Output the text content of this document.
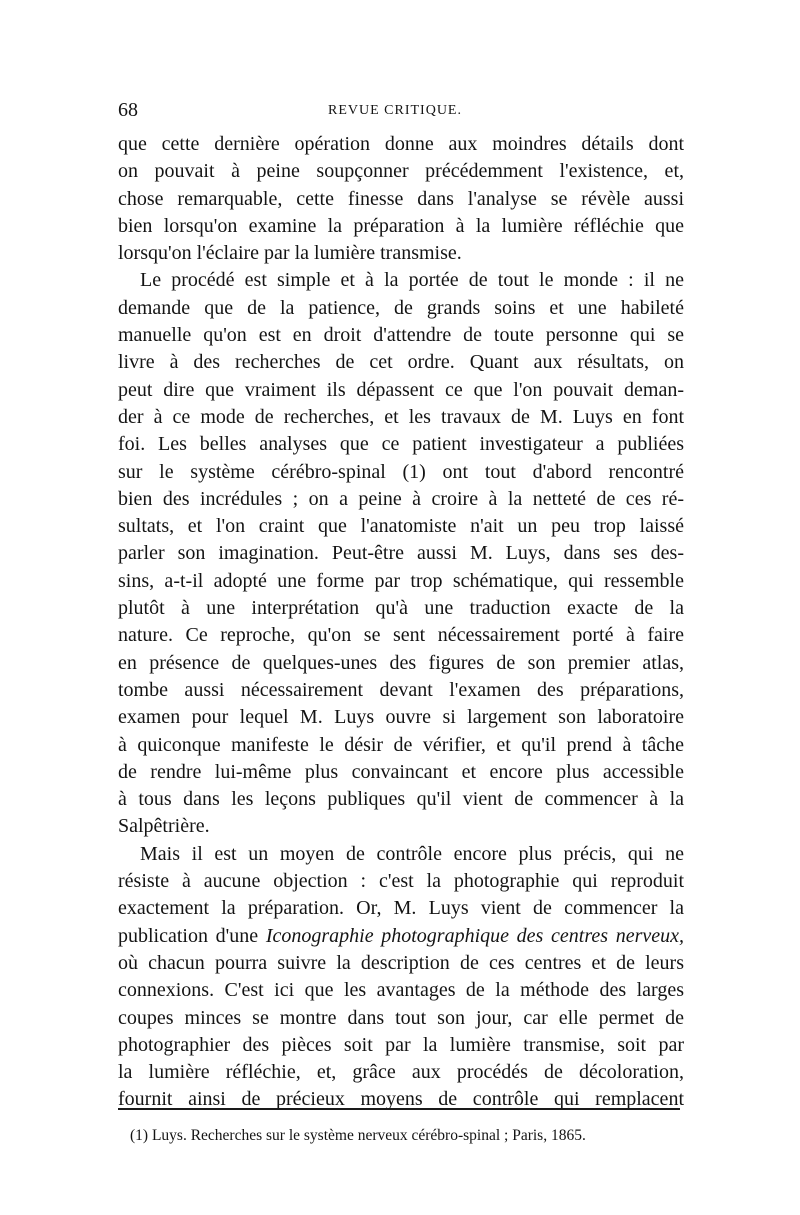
68	REVUE CRITIQUE.

que cette dernière opération donne aux moindres détails dont
on pouvait à peine soupçonner précédemment l'existence, et,
chose remarquable, cette finesse dans l'analyse se révèle aussi
bien lorsqu'on examine la préparation à la lumière réfléchie que
lorsqu'on l'éclaire par la lumière transmise.

Le procédé est simple et à la portée de tout le monde : il ne
demande que de la patience, de grands soins et une habileté
manuelle qu'on est en droit d'attendre de toute personne qui se
livre à des recherches de cet ordre. Quant aux résultats, on
peut dire que vraiment ils dépassent ce que l'on pouvait deman-
der à ce mode de recherches, et les travaux de M. Luys en font
foi. Les belles analyses que ce patient investigateur a publiées
sur le système cérébro-spinal (1) ont tout d'abord rencontré
bien des incrédules ; on a peine à croire à la netteté de ces ré-
sultats, et l'on craint que l'anatomiste n'ait un peu trop laissé
parler son imagination. Peut-être aussi M. Luys, dans ses des-
sins, a-t-il adopté une forme par trop schématique, qui ressemble
plutôt à une interprétation qu'à une traduction exacte de la
nature. Ce reproche, qu'on se sent nécessairement porté à faire
en présence de quelques-unes des figures de son premier atlas,
tombe aussi nécessairement devant l'examen des préparations,
examen pour lequel M. Luys ouvre si largement son laboratoire
à quiconque manifeste le désir de vérifier, et qu'il prend à tâche
de rendre lui-même plus convaincant et encore plus accessible
à tous dans les leçons publiques qu'il vient de commencer à la
Salpêtrière.

Mais il est un moyen de contrôle encore plus précis, qui ne
résiste à aucune objection : c'est la photographie qui reproduit
exactement la préparation. Or, M. Luys vient de commencer la
publication d'une Iconographie photographique des centres nerveux,
où chacun pourra suivre la description de ces centres et de leurs
connexions. C'est ici que les avantages de la méthode des larges
coupes minces se montre dans tout son jour, car elle permet de
photographier des pièces soit par la lumière transmise, soit par
la lumière réfléchie, et, grâce aux procédés de décoloration,
fournit ainsi de précieux moyens de contrôle qui remplacent

(1) Luys. Recherches sur le système nerveux cérébro-spinal ; Paris, 1865.
